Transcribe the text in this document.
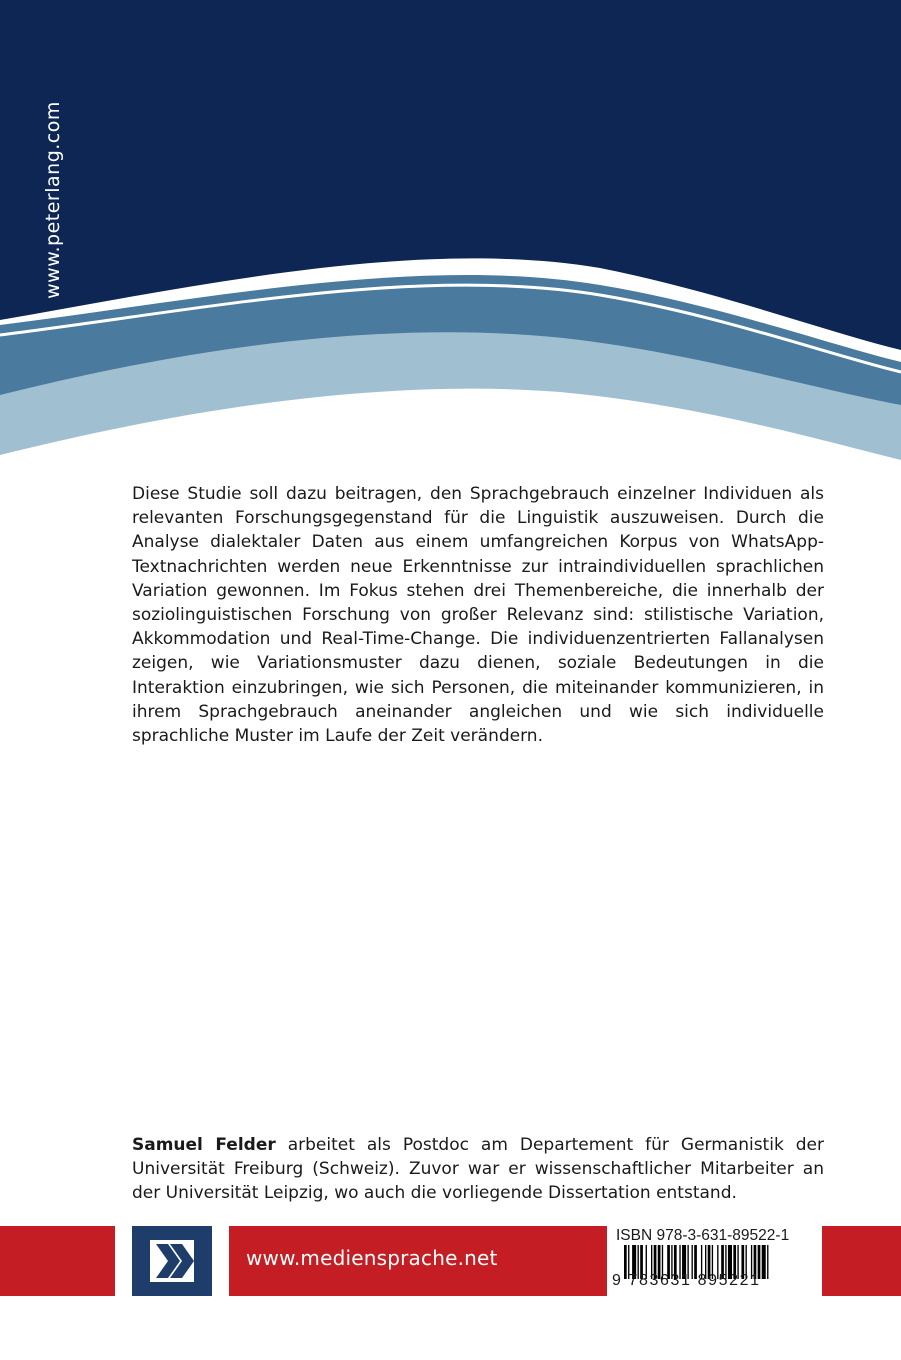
www.peterlang.com

Diese Studie soll dazu beitragen, den Sprachgebrauch einzelner Individuen als relevanten Forschungsgegenstand für die Linguistik auszuweisen. Durch die Analyse dialektaler Daten aus einem umfangreichen Korpus von WhatsApp-Textnachrichten werden neue Erkenntnisse zur intraindividuellen sprachlichen Variation gewonnen. Im Fokus stehen drei Themenbereiche, die innerhalb der soziolinguistischen Forschung von großer Relevanz sind: stilistische Variation, Akkommodation und Real-Time-Change. Die individuenzentrierten Fallanalysen zeigen, wie Variationsmuster dazu dienen, soziale Bedeutungen in die Interaktion einzubringen, wie sich Personen, die miteinander kommunizieren, in ihrem Sprachgebrauch aneinander angleichen und wie sich individuelle sprachliche Muster im Laufe der Zeit verändern.

Samuel Felder arbeitet als Postdoc am Departement für Germanistik der Universität Freiburg (Schweiz). Zuvor war er wissenschaftlicher Mitarbeiter an der Universität Leipzig, wo auch die vorliegende Dissertation entstand.

www.mediensprache.net
ISBN 978-3-631-89522-1
9 783631 895221
